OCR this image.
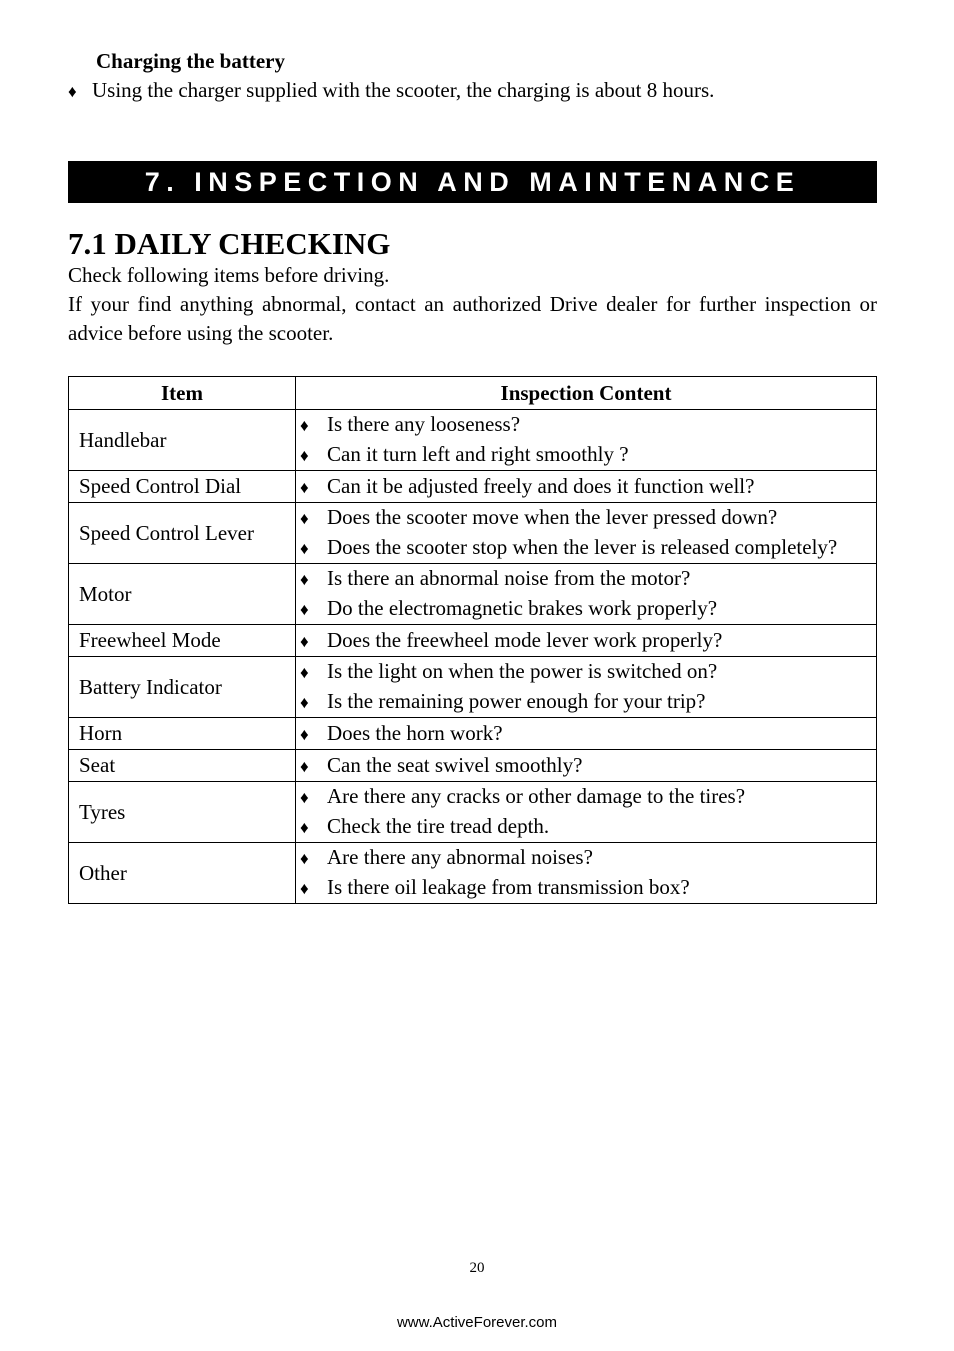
Charging the battery
♦ Using the charger supplied with the scooter, the charging is about 8 hours.
7. INSPECTION AND MAINTENANCE
7.1 DAILY CHECKING

Check following items before driving.

If your find anything abnormal, contact an authorized Drive dealer for further inspection or advice before using the scooter.

Item	Inspection Content
Handlebar	♦ Is there any looseness?
♦ Can it turn left and right smoothly ?

Speed Control Dial	♦ Can it be adjusted freely and does it function well?

Speed Control Lever	♦ Does the scooter move when the lever pressed down?
♦ Does the scooter stop when the lever is released completely?

Motor	♦ Is there an abnormal noise from the motor?
♦ Do the electromagnetic brakes work properly?

Freewheel Mode	♦ Does the freewheel mode lever work properly?

Battery Indicator	♦ Is the light on when the power is switched on?
♦ Is the remaining power enough for your trip?

Horn	♦ Does the horn work?

Seat	♦ Can the seat swivel smoothly?

Tyres	♦ Are there any cracks or other damage to the tires?
♦ Check the tire tread depth.

Other	♦ Are there any abnormal noises?
♦ Is there oil leakage from transmission box?
20
www.ActiveForever.com
